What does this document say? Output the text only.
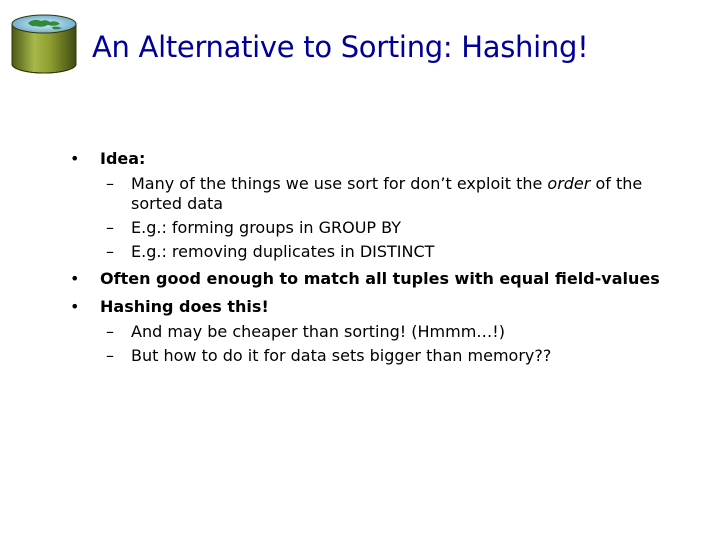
An Alternative to Sorting: Hashing!
• Idea:
– Many of the things we use sort for don’t exploit the order of the sorted data
– E.g.: forming groups in GROUP BY
– E.g.: removing duplicates in DISTINCT
• Often good enough to match all tuples with equal field-values
• Hashing does this!
– And may be cheaper than sorting! (Hmmm…!)
– But how to do it for data sets bigger than memory??
